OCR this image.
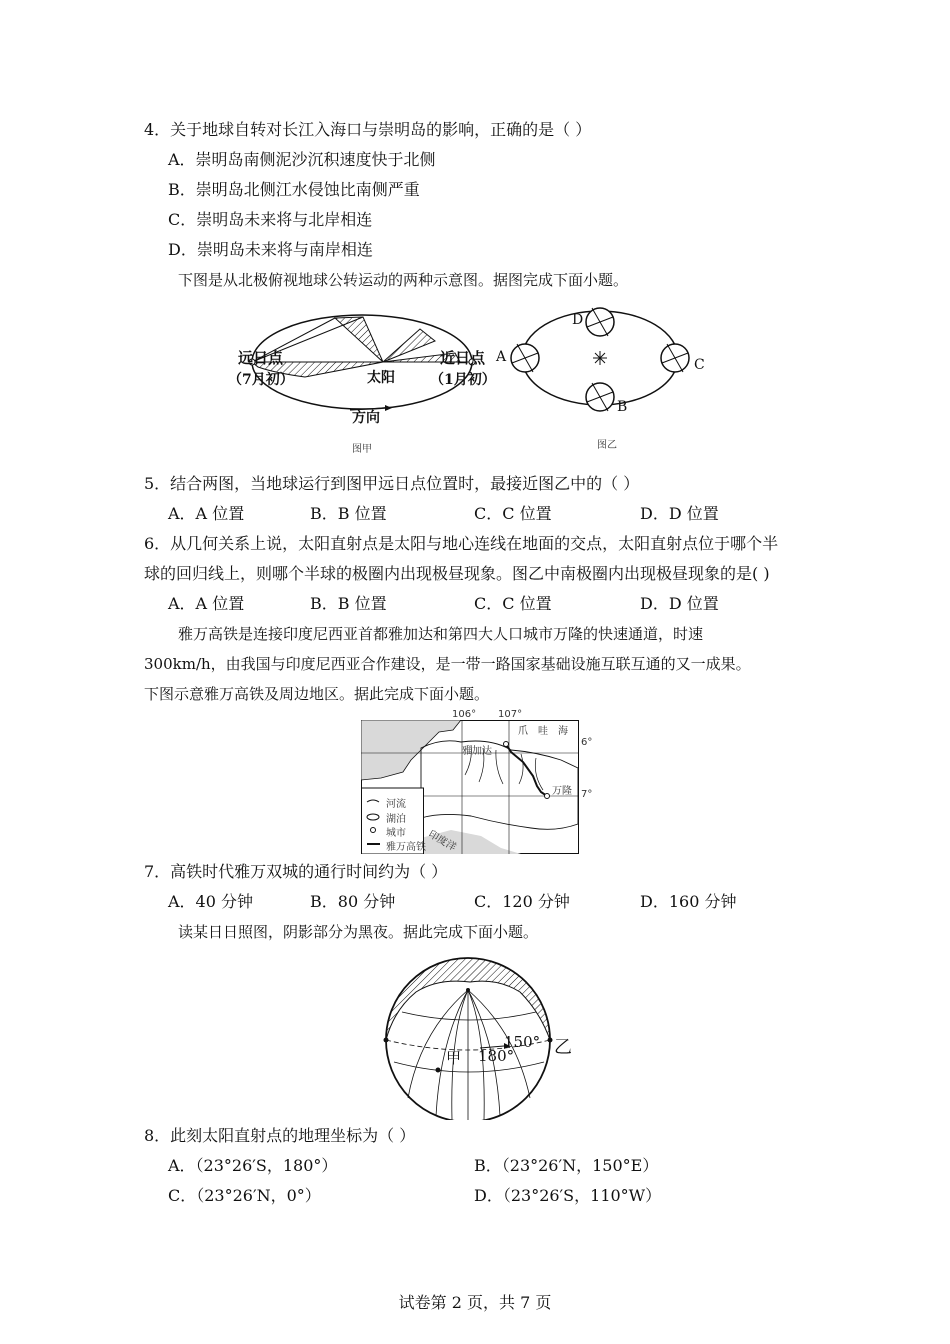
4．关于地球自转对长江入海口与崇明岛的影响，正确的是（ ）
A．崇明岛南侧泥沙沉积速度快于北侧
B．崇明岛北侧江水侵蚀比南侧严重
C．崇明岛未来将与北岸相连
D．崇明岛未来将与南岸相连
下图是从北极俯视地球公转运动的两种示意图。据图完成下面小题。
远日点
（7月初）
近日点
（1月初）
太阳
方向
图甲
A
B
C
D
图乙
5．结合两图，当地球运行到图甲远日点位置时，最接近图乙中的（ ）
A．A 位置	B．B 位置	C．C 位置	D．D 位置
6．从几何关系上说，太阳直射点是太阳与地心连线在地面的交点，太阳直射点位于哪个半
球的回归线上，则哪个半球的极圈内出现极昼现象。图乙中南极圈内出现极昼现象的是( )
A．A 位置	B．B 位置	C．C 位置	D．D 位置
雅万高铁是连接印度尼西亚首都雅加达和第四大人口城市万隆的快速通道，时速
300km/h，由我国与印度尼西亚合作建设，是一带一路国家基础设施互联互通的又一成果。
下图示意雅万高铁及周边地区。据此完成下面小题。
106° 107°
爪　哇　海
6°
7°
雅加达
万隆
印度洋
河流
湖泊
城市
雅万高铁
7．高铁时代雅万双城的通行时间约为（ ）
A．40 分钟	B．80 分钟	C．120 分钟	D．160 分钟
读某日日照图，阴影部分为黑夜。据此完成下面小题。
甲 180°
150° 乙
8．此刻太阳直射点的地理坐标为（ ）
A．（23°26′S，180°）	B．（23°26′N，150°E）
C．（23°26′N，0°）	D．（23°26′S，110°W）
试卷第 2 页，共 7 页
